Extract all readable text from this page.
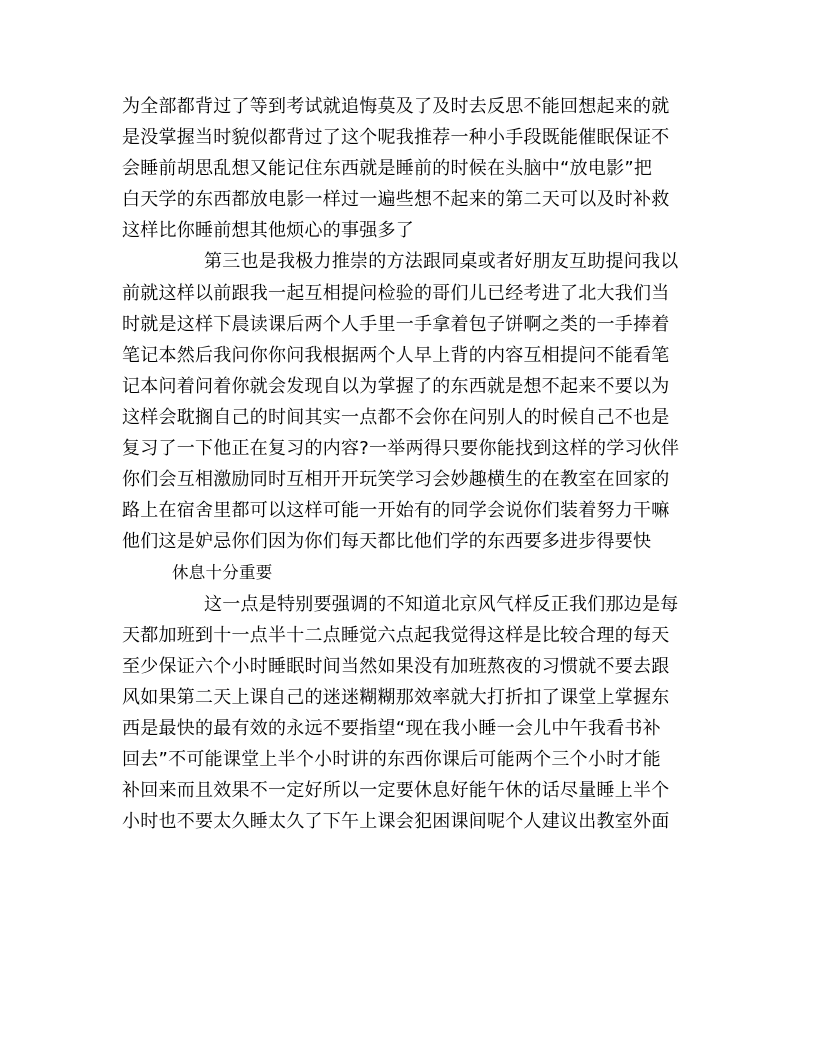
为全部都背过了等到考试就追悔莫及了及时去反思不能回想起来的就
是没掌握当时貌似都背过了这个呢我推荐一种小手段既能催眠保证不
会睡前胡思乱想又能记住东西就是睡前的时候在头脑中“放电影”把
白天学的东西都放电影一样过一遍些想不起来的第二天可以及时补救
这样比你睡前想其他烦心的事强多了
第三也是我极力推崇的方法跟同桌或者好朋友互助提问我以
前就这样以前跟我一起互相提问检验的哥们儿已经考进了北大我们当
时就是这样下晨读课后两个人手里一手拿着包子饼啊之类的一手捧着
笔记本然后我问你你问我根据两个人早上背的内容互相提问不能看笔
记本问着问着你就会发现自以为掌握了的东西就是想不起来不要以为
这样会耽搁自己的时间其实一点都不会你在问别人的时候自己不也是
复习了一下他正在复习的内容?一举两得只要你能找到这样的学习伙伴
你们会互相激励同时互相开开玩笑学习会妙趣横生的在教室在回家的
路上在宿舍里都可以这样可能一开始有的同学会说你们装着努力干嘛
他们这是妒忌你们因为你们每天都比他们学的东西要多进步得要快
休息十分重要
这一点是特别要强调的不知道北京风气样反正我们那边是每
天都加班到十一点半十二点睡觉六点起我觉得这样是比较合理的每天
至少保证六个小时睡眠时间当然如果没有加班熬夜的习惯就不要去跟
风如果第二天上课自己的迷迷糊糊那效率就大打折扣了课堂上掌握东
西是最快的最有效的永远不要指望“现在我小睡一会儿中午我看书补
回去”不可能课堂上半个小时讲的东西你课后可能两个三个小时才能
补回来而且效果不一定好所以一定要休息好能午休的话尽量睡上半个
小时也不要太久睡太久了下午上课会犯困课间呢个人建议出教室外面
